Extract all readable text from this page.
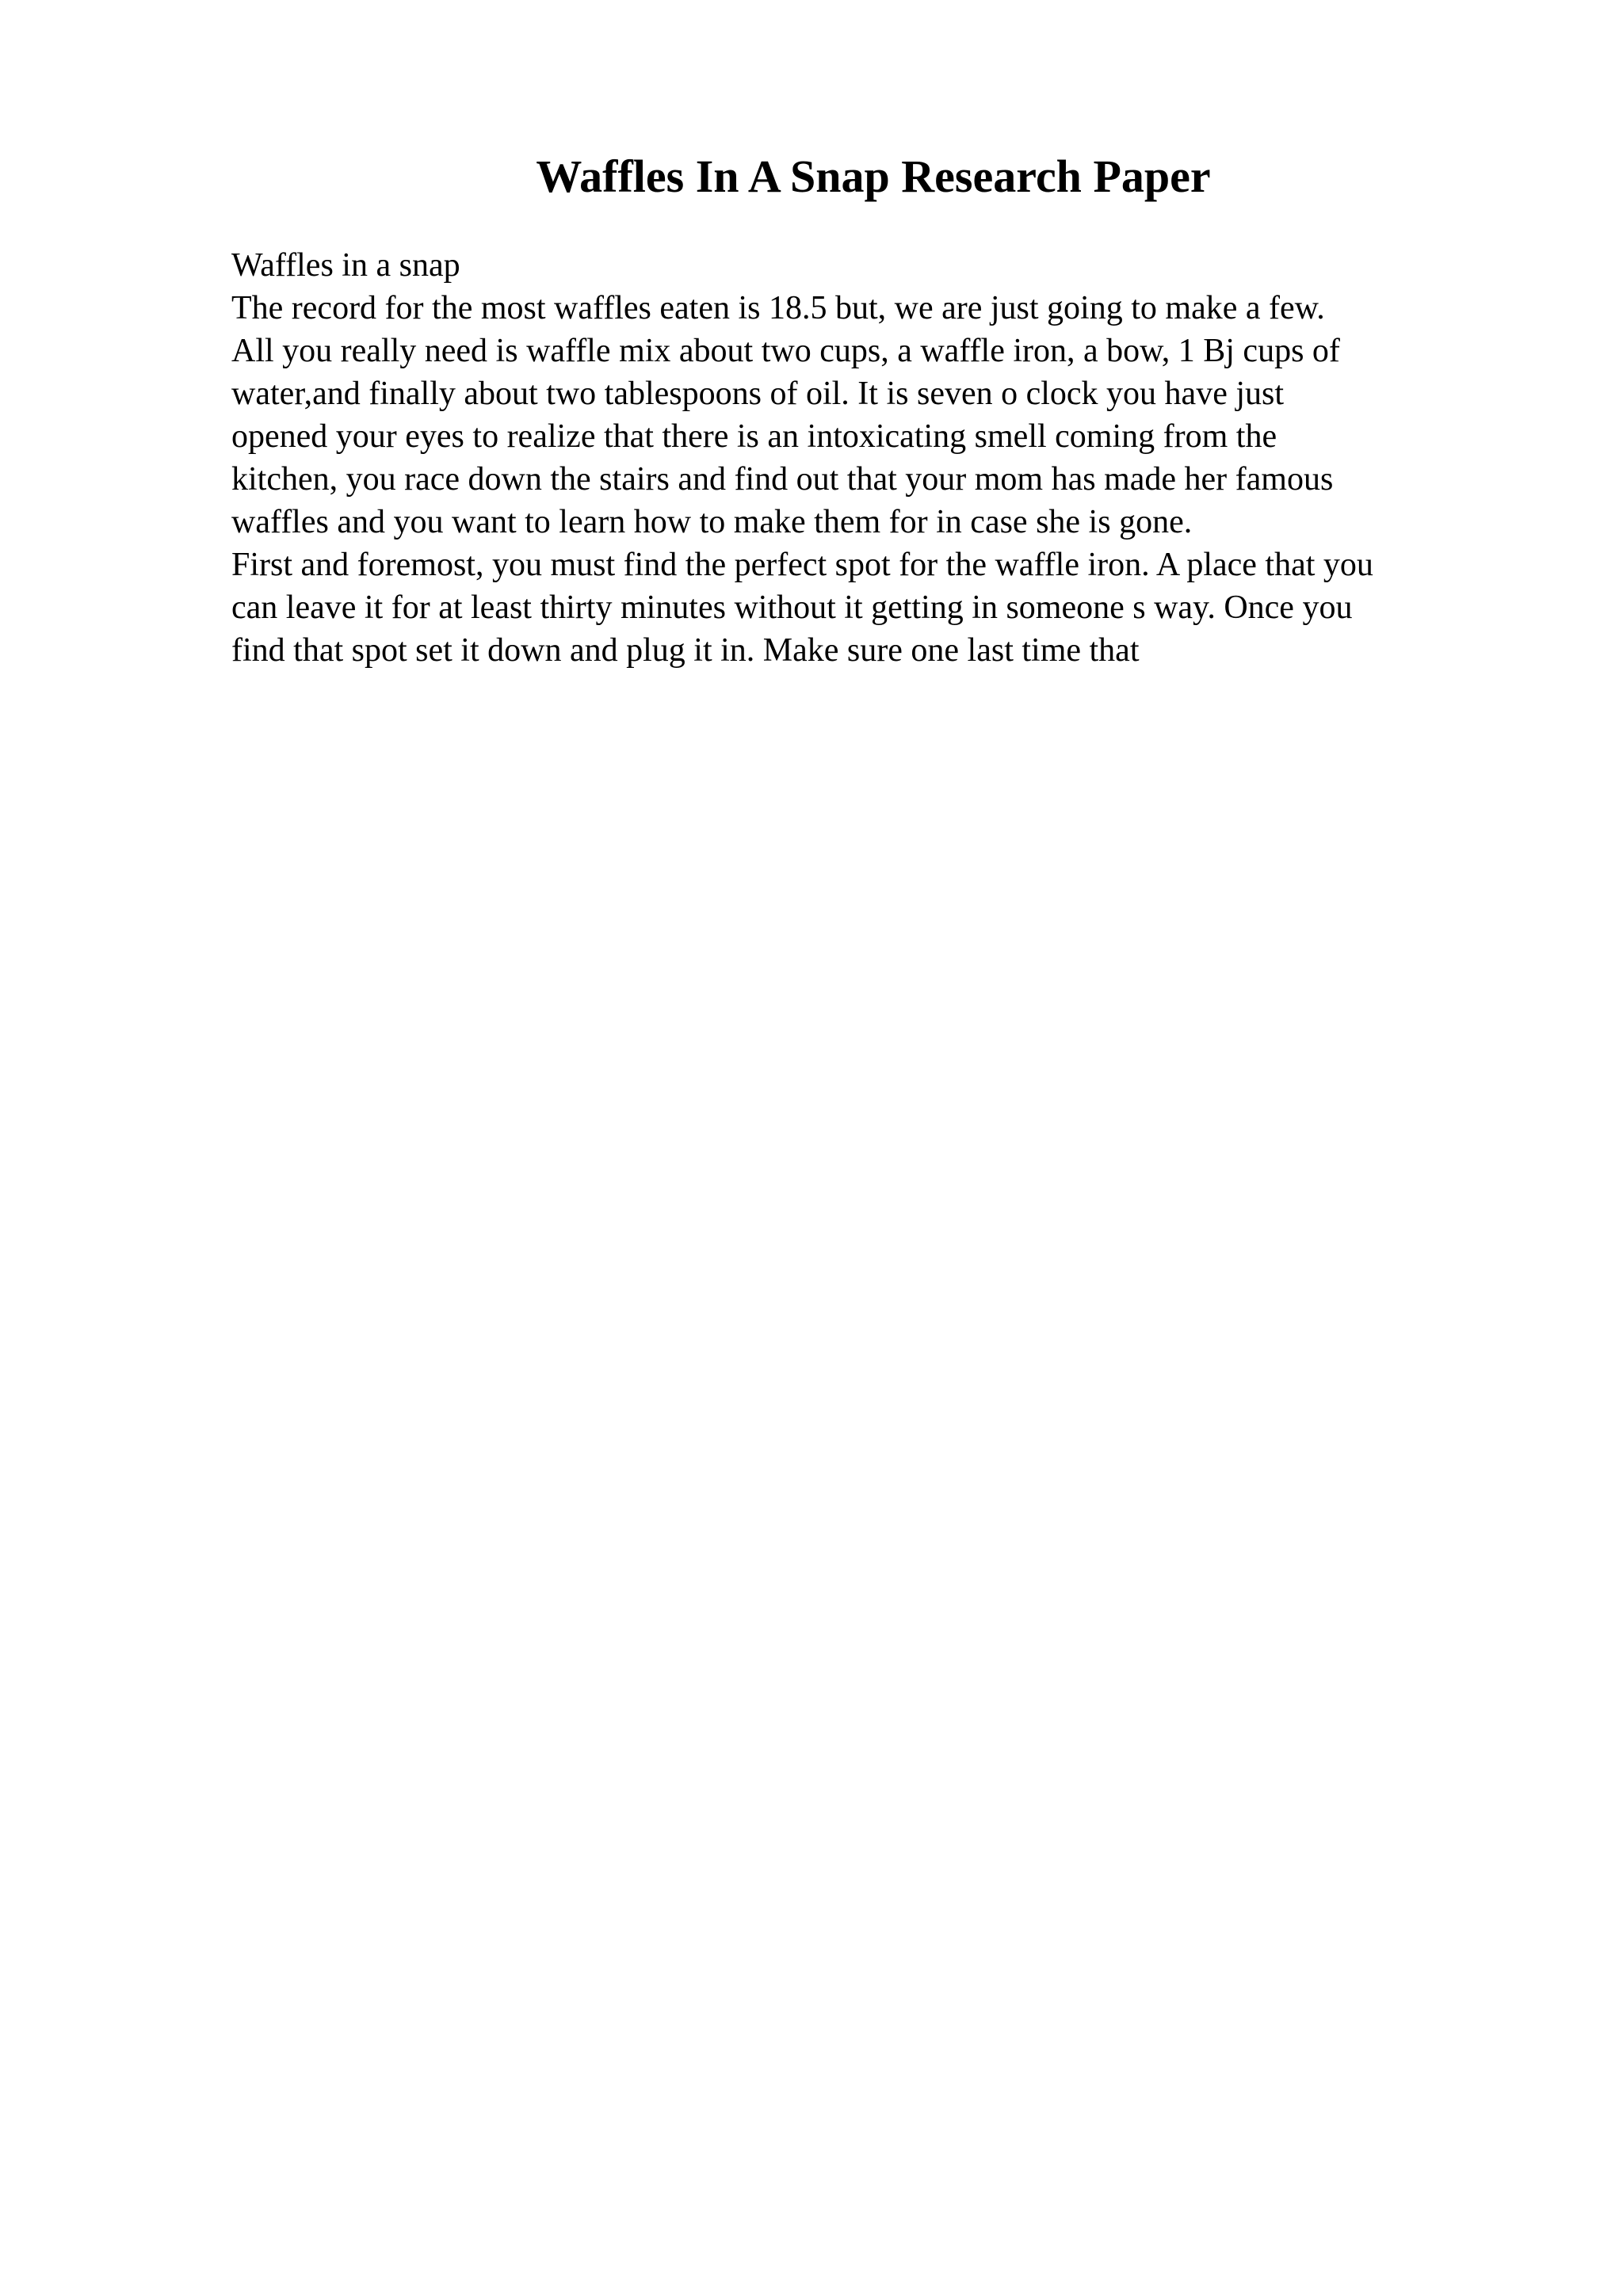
Waffles In A Snap Research Paper
Waffles in a snap
The record for the most waffles eaten is 18.5 but, we are just going to make a few.
All you really need is waffle mix about two cups, a waffle iron, a bow, 1 Bj cups of
water,and finally about two tablespoons of oil. It is seven o clock you have just
opened your eyes to realize that there is an intoxicating smell coming from the
kitchen, you race down the stairs and find out that your mom has made her famous
waffles and you want to learn how to make them for in case she is gone.
First and foremost, you must find the perfect spot for the waffle iron. A place that you
can leave it for at least thirty minutes without it getting in someone s way. Once you
find that spot set it down and plug it in. Make sure one last time that
